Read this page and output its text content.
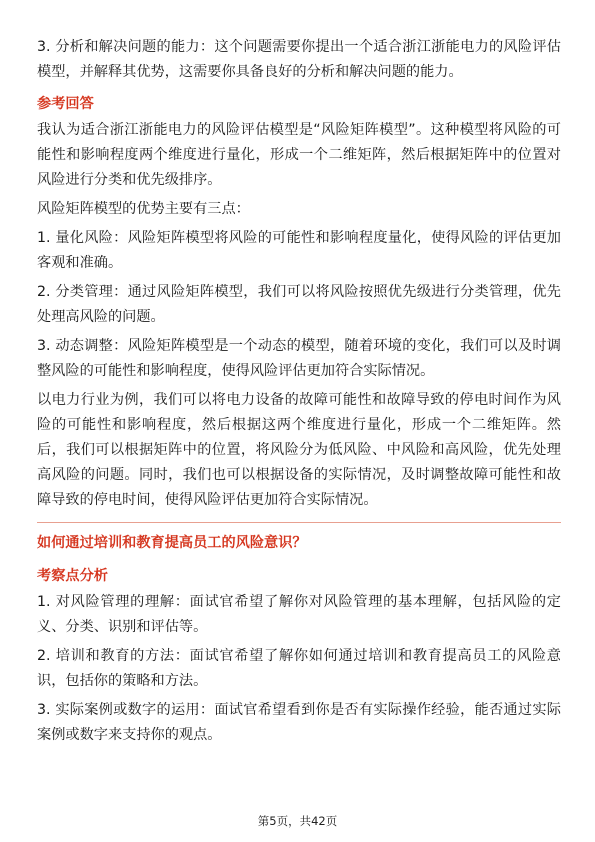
3. 分析和解决问题的能力：这个问题需要你提出一个适合浙江浙能电力的风险评估模型，并解释其优势，这需要你具备良好的分析和解决问题的能力。

参考回答

我认为适合浙江浙能电力的风险评估模型是“风险矩阵模型”。这种模型将风险的可能性和影响程度两个维度进行量化，形成一个二维矩阵，然后根据矩阵中的位置对风险进行分类和优先级排序。

风险矩阵模型的优势主要有三点：

1. 量化风险：风险矩阵模型将风险的可能性和影响程度量化，使得风险的评估更加客观和准确。

2. 分类管理：通过风险矩阵模型，我们可以将风险按照优先级进行分类管理，优先处理高风险的问题。

3. 动态调整：风险矩阵模型是一个动态的模型，随着环境的变化，我们可以及时调整风险的可能性和影响程度，使得风险评估更加符合实际情况。

以电力行业为例，我们可以将电力设备的故障可能性和故障导致的停电时间作为风险的可能性和影响程度，然后根据这两个维度进行量化，形成一个二维矩阵。然后，我们可以根据矩阵中的位置，将风险分为低风险、中风险和高风险，优先处理高风险的问题。同时，我们也可以根据设备的实际情况，及时调整故障可能性和故障导致的停电时间，使得风险评估更加符合实际情况。

如何通过培训和教育提高员工的风险意识？
考察点分析

1. 对风险管理的理解：面试官希望了解你对风险管理的基本理解，包括风险的定义、分类、识别和评估等。

2. 培训和教育的方法：面试官希望了解你如何通过培训和教育提高员工的风险意识，包括你的策略和方法。

3. 实际案例或数字的运用：面试官希望看到你是否有实际操作经验，能否通过实际案例或数字来支持你的观点。

第5页，共42页
